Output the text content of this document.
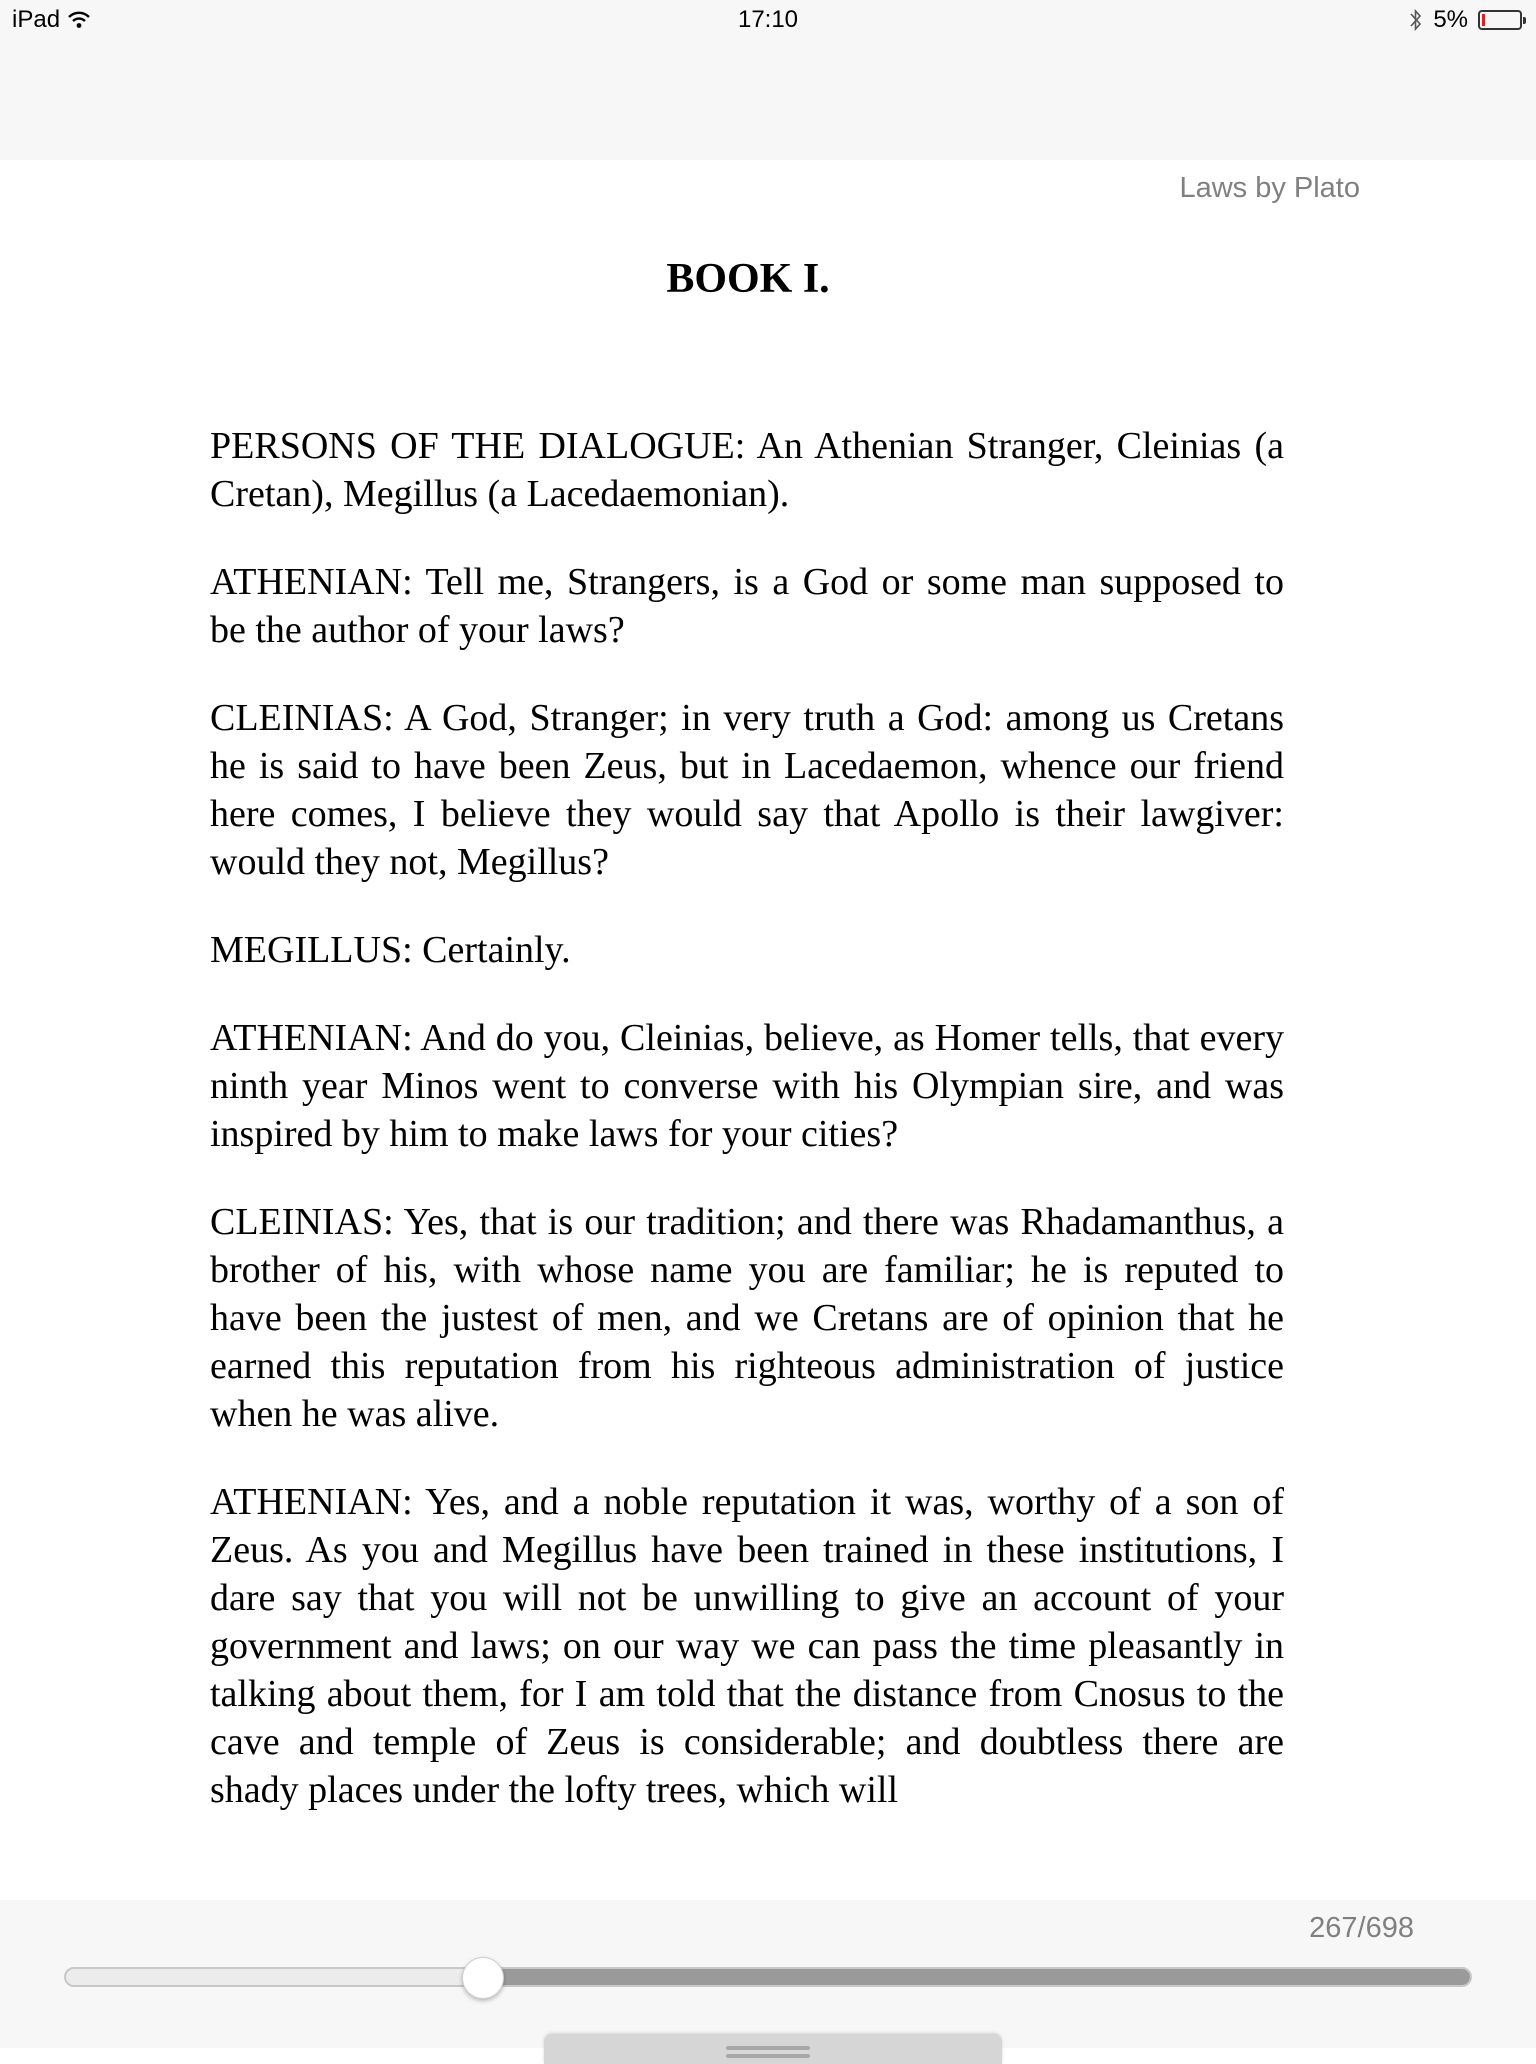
iPad	17:10	5%
Laws by Plato
BOOK I.

PERSONS OF THE DIALOGUE: An Athenian Stranger, Cleinias (a Cretan), Megillus (a Lacedaemonian).

ATHENIAN: Tell me, Strangers, is a God or some man supposed to be the author of your laws?

CLEINIAS: A God, Stranger; in very truth a God: among us Cretans he is said to have been Zeus, but in Lacedaemon, whence our friend here comes, I believe they would say that Apollo is their lawgiver: would they not, Megillus?

MEGILLUS: Certainly.

ATHENIAN: And do you, Cleinias, believe, as Homer tells, that every ninth year Minos went to converse with his Olympian sire, and was inspired by him to make laws for your cities?

CLEINIAS: Yes, that is our tradition; and there was Rhadamanthus, a brother of his, with whose name you are familiar; he is reputed to have been the justest of men, and we Cretans are of opinion that he earned this reputation from his righteous administration of justice when he was alive.

ATHENIAN: Yes, and a noble reputation it was, worthy of a son of Zeus. As you and Megillus have been trained in these institutions, I dare say that you will not be unwilling to give an account of your government and laws; on our way we can pass the time pleasantly in talking about them, for I am told that the distance from Cnosus to the cave and temple of Zeus is considerable; and doubtless there are shady places under the lofty trees, which will

267/698
